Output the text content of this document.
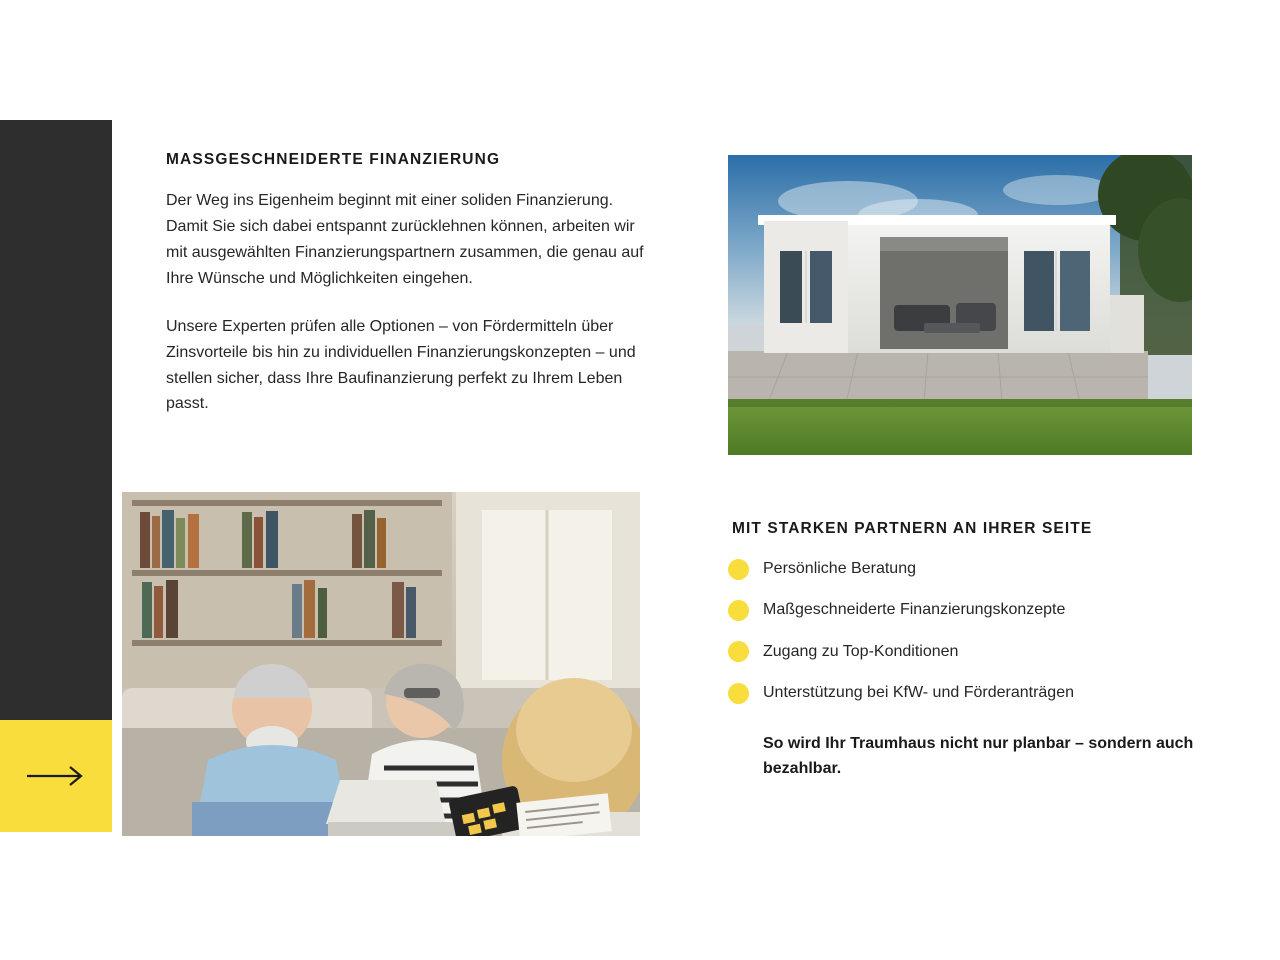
MASSGESCHNEIDERTE FINANZIERUNG

Der Weg ins Eigenheim beginnt mit einer soliden Finanzierung. Damit Sie sich dabei entspannt zurücklehnen können, arbeiten wir mit ausgewählten Finanzierungspartnern zusammen, die genau auf Ihre Wünsche und Möglichkeiten eingehen.

Unsere Experten prüfen alle Optionen – von Fördermitteln über Zinsvorteile bis hin zu individuellen Finanzierungskonzepten – und stellen sicher, dass Ihre Baufinanzierung perfekt zu Ihrem Leben passt.

MIT STARKEN PARTNERN AN IHRER SEITE
Persönliche Beratung
Maßgeschneiderte Finanzierungskonzepte
Zugang zu Top-Konditionen
Unterstützung bei KfW- und Förderanträgen

So wird Ihr Traumhaus nicht nur planbar – sondern auch bezahlbar.
